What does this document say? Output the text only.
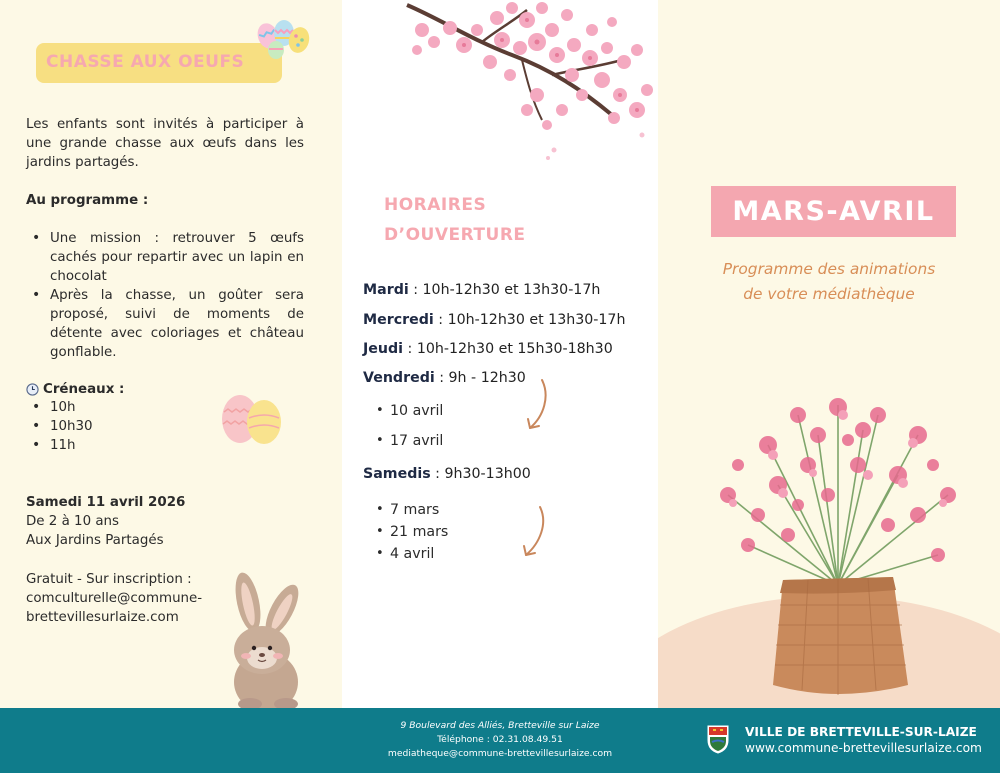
CHASSE AUX OEUFS
Les enfants sont invités à participer à une grande chasse aux œufs dans les jardins partagés.
Au programme :
• Une mission : retrouver 5 œufs cachés pour repartir avec un lapin en chocolat
• Après la chasse, un goûter sera proposé, suivi de moments de détente avec coloriages et château gonflable.
Créneaux :
• 10h
• 10h30
• 11h
Samedi 11 avril 2026
De 2 à 10 ans
Aux Jardins Partagés
Gratuit - Sur inscription :
comculturelle@commune-
brettevillesurlaize.com
HORAIRES
D’OUVERTURE
Mardi : 10h-12h30 et 13h30-17h
Mercredi : 10h-12h30 et 13h30-17h
Jeudi : 10h-12h30 et 15h30-18h30
Vendredi : 9h - 12h30
• 10 avril
• 17 avril
Samedis : 9h30-13h00
• 7 mars
• 21 mars
• 4 avril
MARS-AVRIL
Programme des animations
de votre médiathèque
9 Boulevard des Alliés, Bretteville sur Laize
Téléphone : 02.31.08.49.51
mediatheque@commune-brettevillesurlaize.com
VILLE DE BRETTEVILLE-SUR-LAIZE
www.commune-brettevillesurlaize.com
